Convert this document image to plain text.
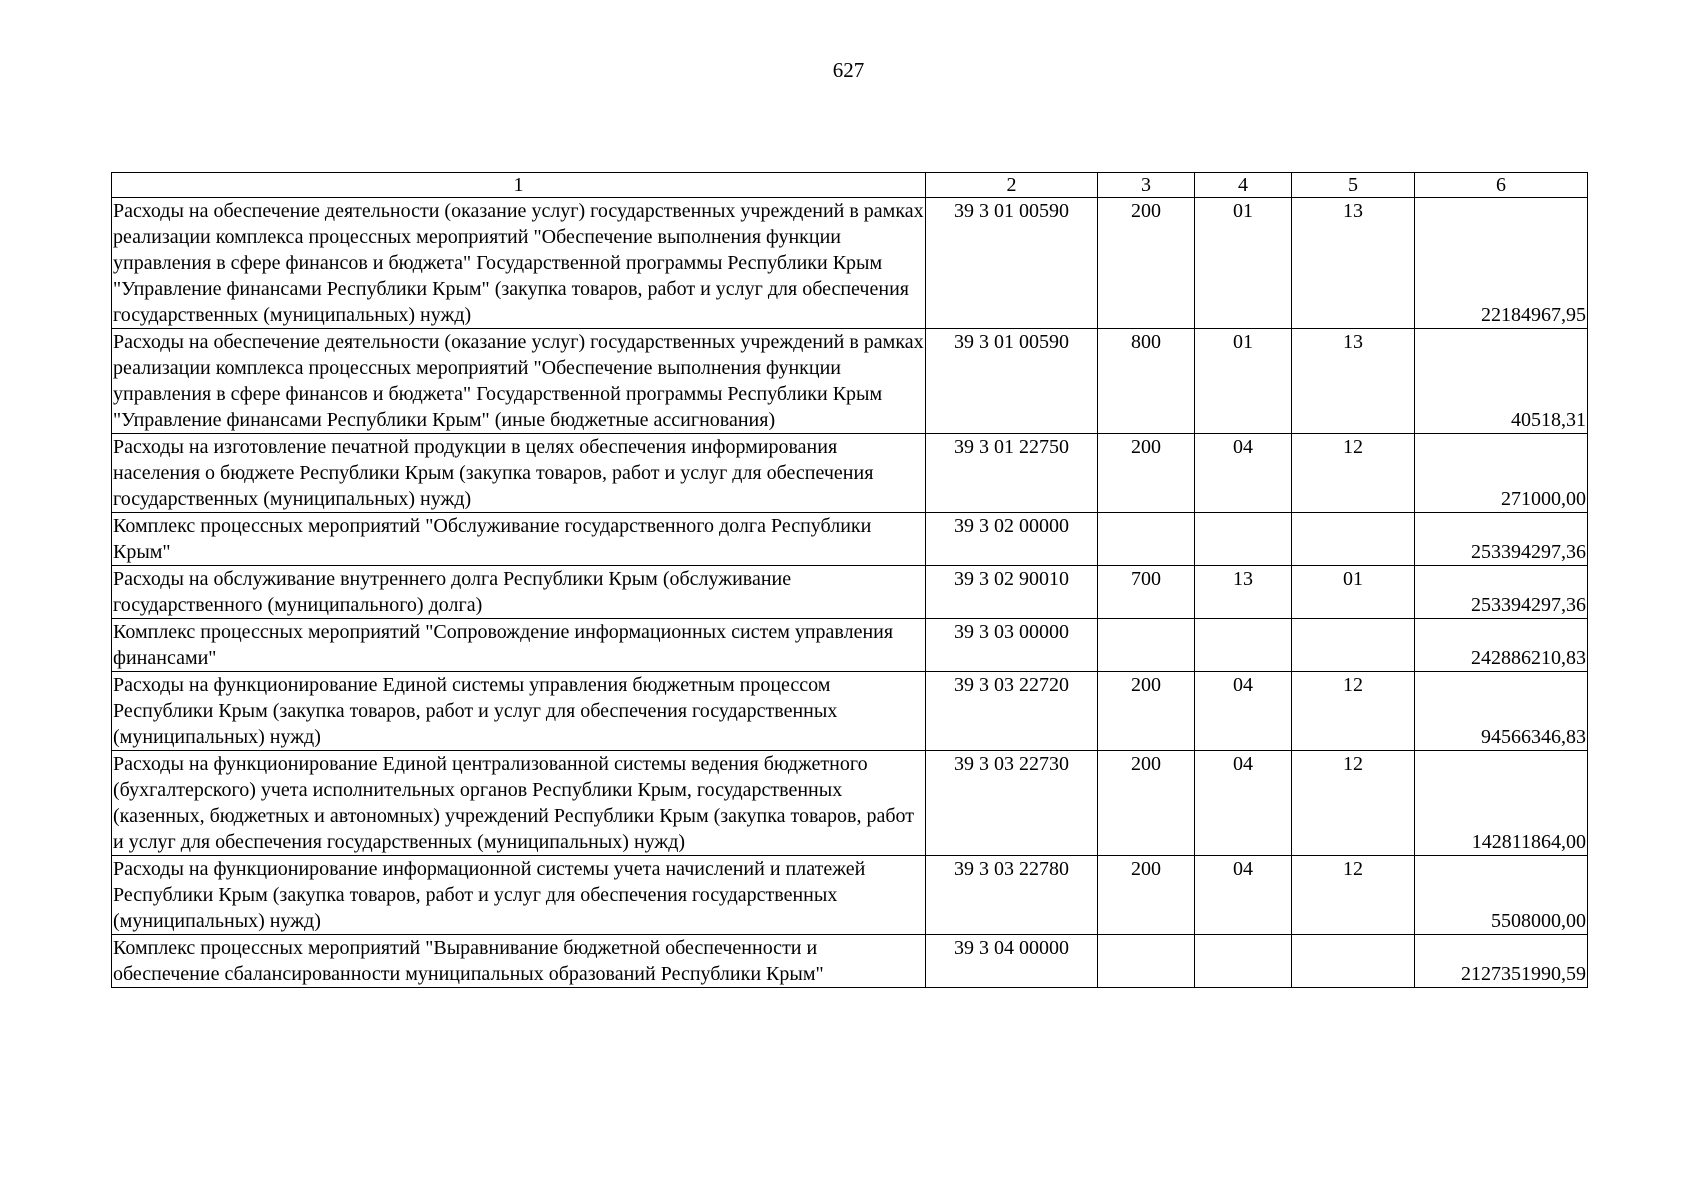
627
1	2	3	4	5	6
Расходы на обеспечение деятельности (оказание услуг) государственных учреждений в рамках реализации комплекса процессных мероприятий "Обеспечение выполнения функции управления в сфере финансов и бюджета" Государственной программы Республики Крым "Управление финансами Республики Крым" (закупка товаров, работ и услуг для обеспечения государственных (муниципальных) нужд)	39 3 01 00590	200	01	13	22184967,95
Расходы на обеспечение деятельности (оказание услуг) государственных учреждений в рамках реализации комплекса процессных мероприятий "Обеспечение выполнения функции управления в сфере финансов и бюджета" Государственной программы Республики Крым "Управление финансами Республики Крым" (иные бюджетные ассигнования)	39 3 01 00590	800	01	13	40518,31
Расходы на изготовление печатной продукции в целях обеспечения информирования населения о бюджете Республики Крым (закупка товаров, работ и услуг для обеспечения государственных (муниципальных) нужд)	39 3 01 22750	200	04	12	271000,00
Комплекс процессных мероприятий "Обслуживание государственного долга Республики Крым"	39 3 02 00000				253394297,36
Расходы на обслуживание внутреннего долга Республики Крым (обслуживание государственного (муниципального) долга)	39 3 02 90010	700	13	01	253394297,36
Комплекс процессных мероприятий "Сопровождение информационных систем управления финансами"	39 3 03 00000				242886210,83
Расходы на функционирование Единой системы управления бюджетным процессом Республики Крым (закупка товаров, работ и услуг для обеспечения государственных (муниципальных) нужд)	39 3 03 22720	200	04	12	94566346,83
Расходы на функционирование Единой централизованной системы ведения бюджетного (бухгалтерского) учета исполнительных органов Республики Крым, государственных (казенных, бюджетных и автономных) учреждений Республики Крым (закупка товаров, работ и услуг для обеспечения государственных (муниципальных) нужд)	39 3 03 22730	200	04	12	142811864,00
Расходы на функционирование информационной системы учета начислений и платежей Республики Крым (закупка товаров, работ и услуг для обеспечения государственных (муниципальных) нужд)	39 3 03 22780	200	04	12	5508000,00
Комплекс процессных мероприятий "Выравнивание бюджетной обеспеченности и обеспечение сбалансированности муниципальных образований Республики Крым"	39 3 04 00000				2127351990,59
